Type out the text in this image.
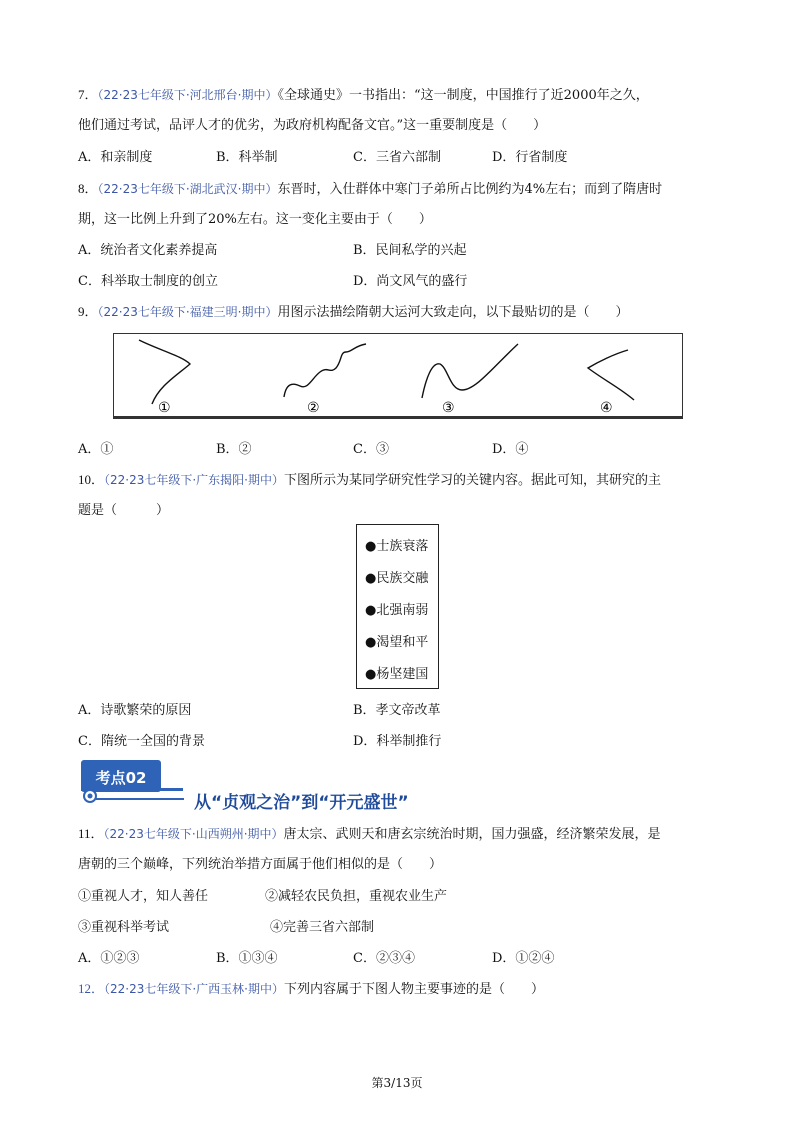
7．（22·23七年级下·河北邢台·期中）《全球通史》一书指出：“这一制度，中国推行了近2000年之久，
他们通过考试，品评人才的优劣，为政府机构配备文官。”这一重要制度是（　　）
A．和亲制度	B．科举制	C．三省六部制	D．行省制度
8．（22·23七年级下·湖北武汉·期中）东晋时，入仕群体中寒门子弟所占比例约为4%左右；而到了隋唐时
期，这一比例上升到了20%左右。这一变化主要由于（　　）
A．统治者文化素养提高	B．民间私学的兴起
C．科举取士制度的创立	D．尚文风气的盛行
9．（22·23七年级下·福建三明·期中）用图示法描绘隋朝大运河大致走向，以下最贴切的是（　　）
①	②	③	④
A．①	B．②	C．③	D．④
10．（22·23七年级下·广东揭阳·期中）下图所示为某同学研究性学习的关键内容。据此可知，其研究的主
题是（　　　）
●士族衰落
●民族交融
●北强南弱
●渴望和平
●杨坚建国
A．诗歌繁荣的原因	B．孝文帝改革
C．隋统一全国的背景	D．科举制推行
考点02
从“贞观之治”到“开元盛世”
11．（22·23七年级下·山西朔州·期中）唐太宗、武则天和唐玄宗统治时期，国力强盛，经济繁荣发展，是
唐朝的三个巅峰，下列统治举措方面属于他们相似的是（　　）
①重视人才，知人善任	②减轻农民负担，重视农业生产
③重视科举考试	④完善三省六部制
A．①②③	B．①③④	C．②③④	D．①②④
12．（22·23七年级下·广西玉林·期中）下列内容属于下图人物主要事迹的是（　　）
第3/13页
